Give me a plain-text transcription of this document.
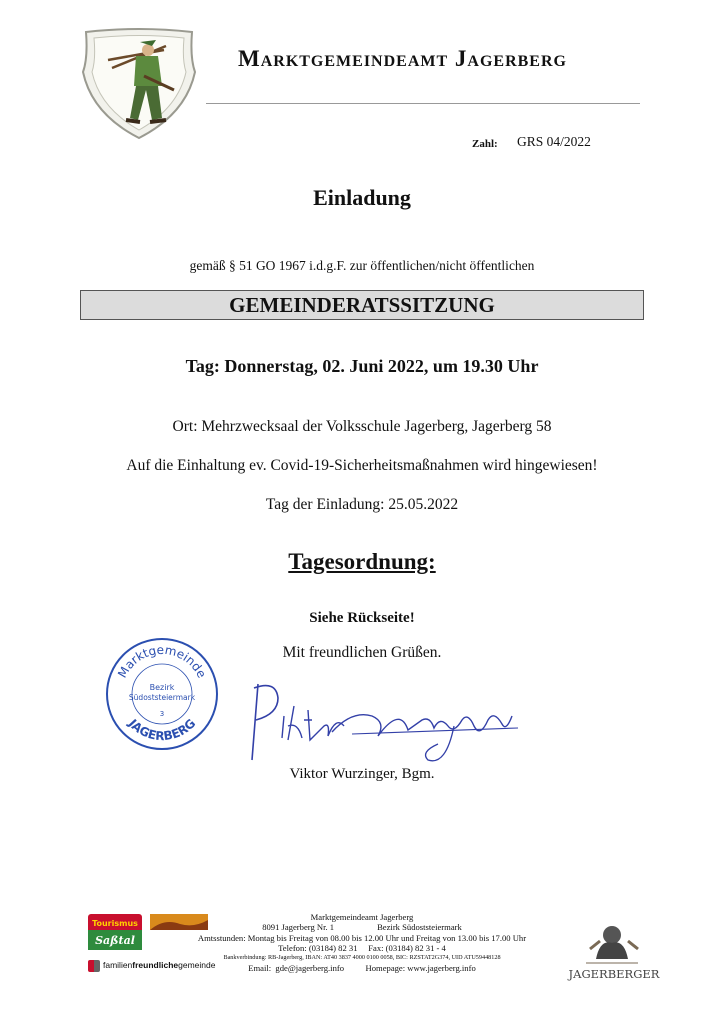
Marktgemeindeamt Jagerberg
Zahl: GRS 04/2022
Einladung
gemäß § 51 GO 1967 i.d.g.F. zur öffentlichen/nicht öffentlichen
GEMEINDERATSSITZUNG
Tag: Donnerstag, 02. Juni 2022, um 19.30 Uhr
Ort: Mehrzwecksaal der Volksschule Jagerberg, Jagerberg 58
Auf die Einhaltung ev. Covid-19-Sicherheitsmaßnahmen wird hingewiesen!
Tag der Einladung: 25.05.2022
Tagesordnung:
Siehe Rückseite!
Mit freundlichen Grüßen.
Marktgemeinde
JAGERBERG
Bezirk
Südoststeiermark
3
Viktor Wurzinger, Bgm.
Tourismus
Saßtal
familienfreundlichegemeinde
Marktgemeindeamt Jagerberg
8091 Jagerberg Nr. 1                    Bezirk Südoststeiermark
Amtsstunden: Montag bis Freitag von 08.00 bis 12.00 Uhr und Freitag von 13.00 bis 17.00 Uhr
Telefon: (03184) 82 31     Fax: (03184) 82 31 - 4
Bankverbindung: RB-Jagerberg, IBAN: AT40 3837 4000 0100 0058, BIC: RZSTAT2G374, UID ATU59448128
Email:  gde@jagerberg.info          Homepage: www.jagerberg.info	JAGERBERGER
